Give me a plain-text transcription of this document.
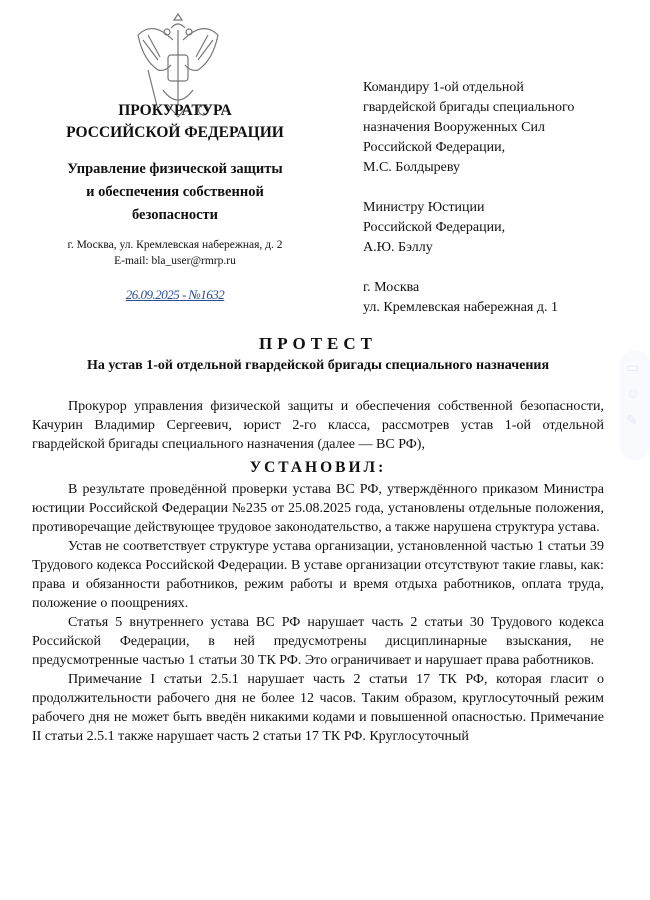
ПРОКУРАТУРА
РОССИЙСКОЙ ФЕДЕРАЦИИ
Управление физической защиты
и обеспечения собственной
безопасности
г. Москва, ул. Кремлевская набережная, д. 2
E-mail: bla_user@rmrp.ru
26.09.2025 - №1632

Командиру 1-ой отдельной
гвардейской бригады специального
назначения Вооруженных Сил
Российской Федерации,
М.С. Болдыреву

Министру Юстиции
Российской Федерации,
А.Ю. Бэллу

г. Москва
ул. Кремлевская набережная д. 1

ПРОТЕСТ
На устав 1-ой отдельной гвардейской бригады специального назначения

Прокурор управления физической защиты и обеспечения собственной безопасности, Качурин Владимир Сергеевич, юрист 2-го класса, рассмотрев устав 1-ой отдельной гвардейской бригады специального назначения (далее — ВС РФ),

УСТАНОВИЛ:

В результате проведённой проверки устава ВС РФ, утверждённого приказом Министра юстиции Российской Федерации №235 от 25.08.2025 года, установлены отдельные положения, противоречащие действующее трудовое законодательство, а также нарушена структура устава.

Устав не соответствует структуре устава организации, установленной частью 1 статьи 39 Трудового кодекса Российской Федерации. В уставе организации отсутствуют такие главы, как: права и обязанности работников, режим работы и время отдыха работников, оплата труда, положение о поощрениях.

Статья 5 внутреннего устава ВС РФ нарушает часть 2 статьи 30 Трудового кодекса Российской Федерации, в ней предусмотрены дисциплинарные взыскания, не предусмотренные частью 1 статьи 30 ТК РФ. Это ограничивает и нарушает права работников.

Примечание I статьи 2.5.1 нарушает часть 2 статьи 17 ТК РФ, которая гласит о продолжительности рабочего дня не более 12 часов. Таким образом, круглосуточный режим рабочего дня не может быть введён никакими кодами и повышенной опасностью. Примечание II статьи 2.5.1 также нарушает часть 2 статьи 17 ТК РФ. Круглосуточный

▭
☺
✎
